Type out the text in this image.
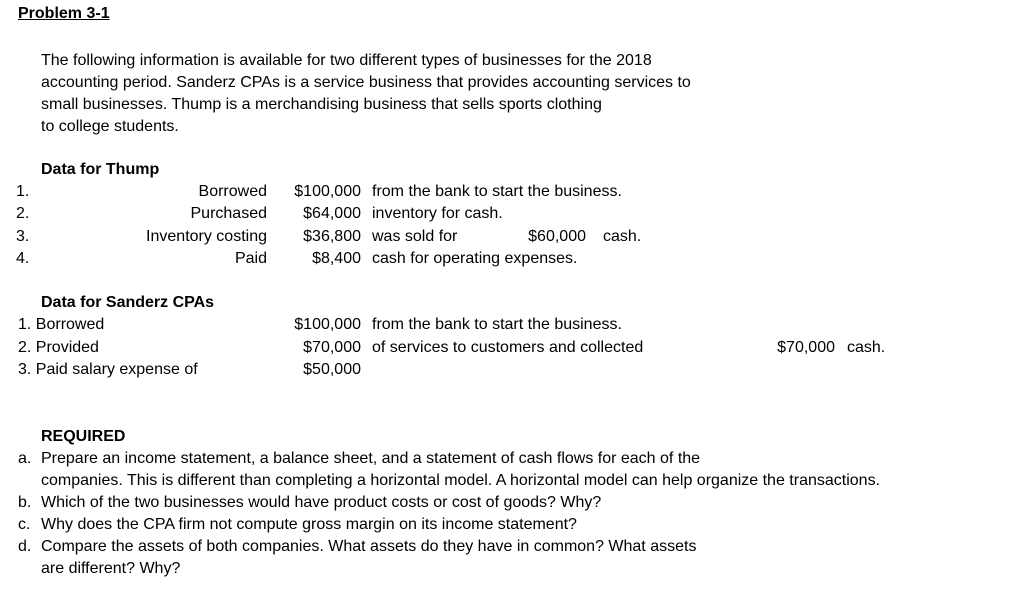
Problem 3-1
The following information is available for two different types of businesses for the 2018
accounting period. Sanderz CPAs is a service business that provides accounting services to
small businesses. Thump is a merchandising business that sells sports clothing
to college students.
Data for Thump
1.	Borrowed $100,000 from the bank to start the business.
2.	Purchased $64,000 inventory for cash.
3.	Inventory costing $36,800 was sold for	$60,000 cash.
4.	Paid	$8,400 cash for operating expenses.
Data for Sanderz CPAs
1. Borrowed	$100,000 from the bank to start the business.
2. Provided	$70,000 of services to customers and collected	$70,000 cash.
3. Paid salary expense of	$50,000
REQUIRED
a. Prepare an income statement, a balance sheet, and a statement of cash flows for each of the
companies. This is different than completing a horizontal model. A horizontal model can help organize the transactions.
b. Which of the two businesses would have product costs or cost of goods? Why?
c. Why does the CPA firm not compute gross margin on its income statement?
d. Compare the assets of both companies. What assets do they have in common? What assets
are different? Why?
